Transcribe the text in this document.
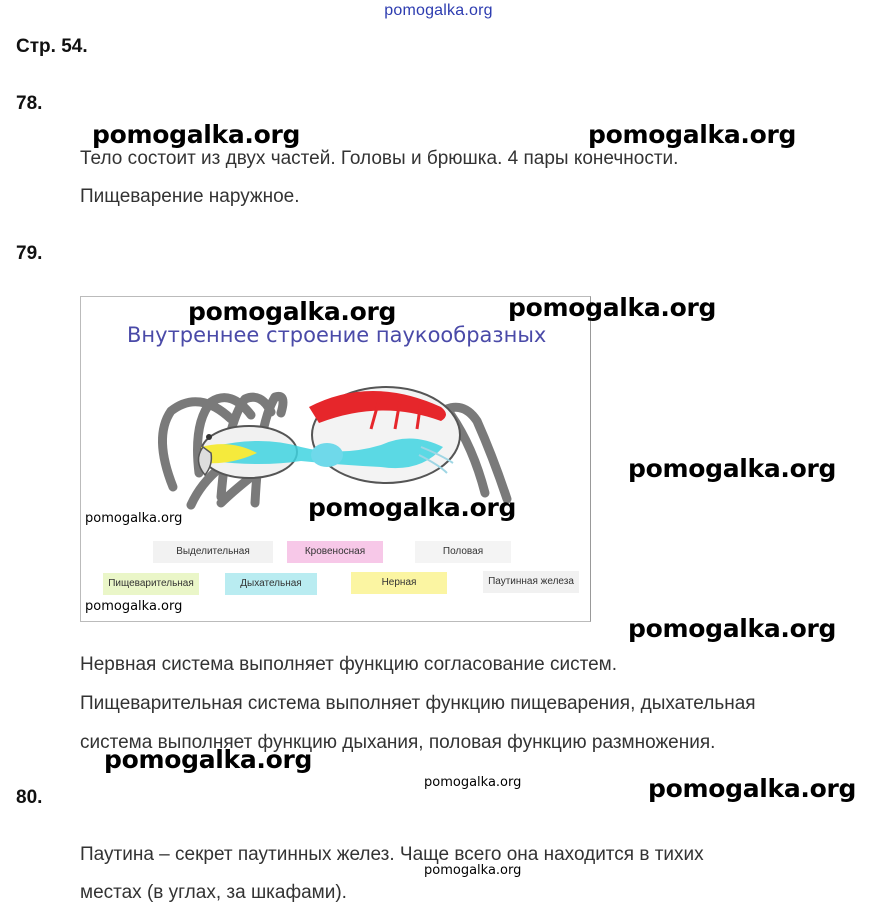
pomogalka.org
Стр. 54.
78.
Тело состоит из двух частей. Головы и брюшка. 4 пары конечности.
Пищеварение наружное.
79.
Внутреннее строение паукообразных
Выделительная	Кровеносная	Половая
Пищеварительная	Дыхательная	Нерная	Паутинная железа
Нервная система выполняет функцию согласование систем.
Пищеварительная система выполняет функцию пищеварения, дыхательная
система выполняет функцию дыхания, половая функцию размножения.
80.
Паутина – секрет паутинных желез. Чаще всего она находится в тихих
местах (в углах, за шкафами).
pomogalka.org	pomogalka.org
pomogalka.org	pomogalka.org
pomogalka.org
pomogalka.org
pomogalka.org
pomogalka.org
pomogalka.org
pomogalka.org
pomogalka.org	pomogalka.org
pomogalka.org
